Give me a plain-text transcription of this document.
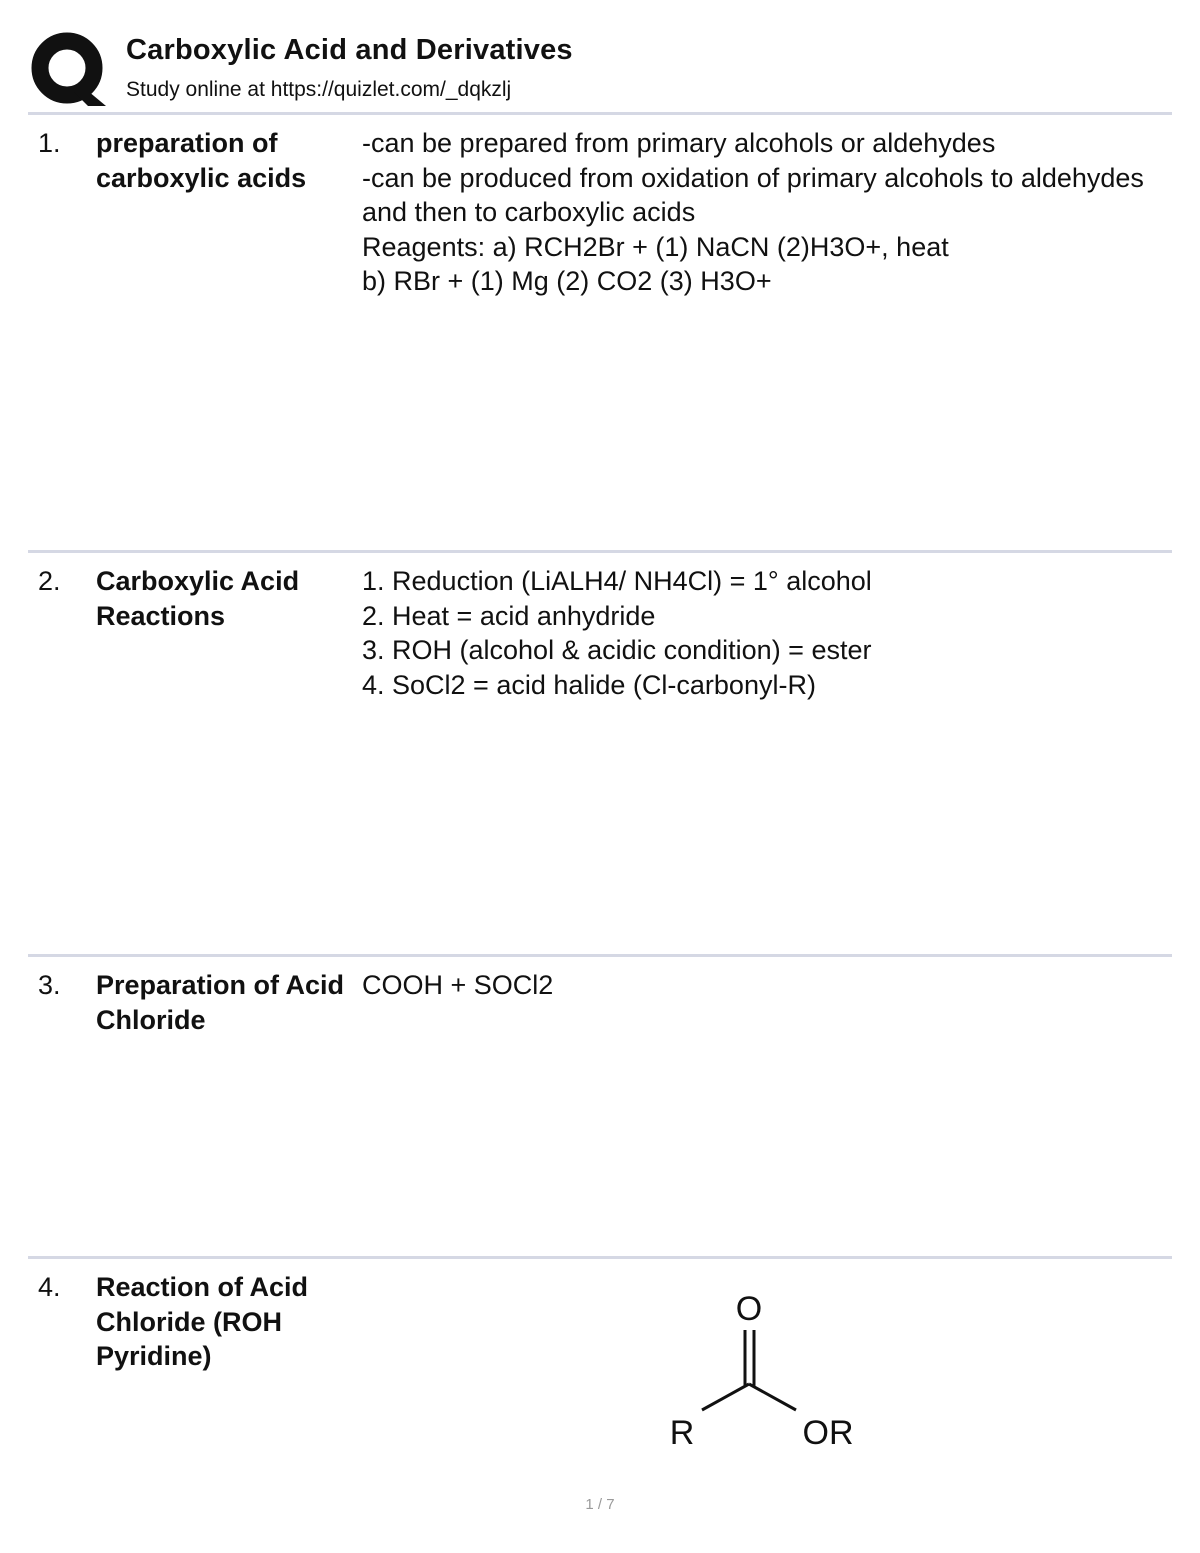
Carboxylic Acid and Derivatives
Study online at https://quizlet.com/_dqkzlj
1. preparation of carboxylic acids
-can be prepared from primary alcohols or aldehydes
-can be produced from oxidation of primary alcohols to aldehydes and then to carboxylic acids
Reagents: a) RCH2Br + (1) NaCN (2)H3O+, heat
b) RBr + (1) Mg (2) CO2 (3) H3O+
2. Carboxylic Acid Reactions
1. Reduction (LiALH4/ NH4Cl) = 1° alcohol
2. Heat = acid anhydride
3. ROH (alcohol & acidic condition) = ester
4. SoCl2 = acid halide (Cl-carbonyl-R)
3. Preparation of Acid Chloride
COOH + SOCl2
4. Reaction of Acid Chloride (ROH Pyridine)
O
R	OR
1 / 7
